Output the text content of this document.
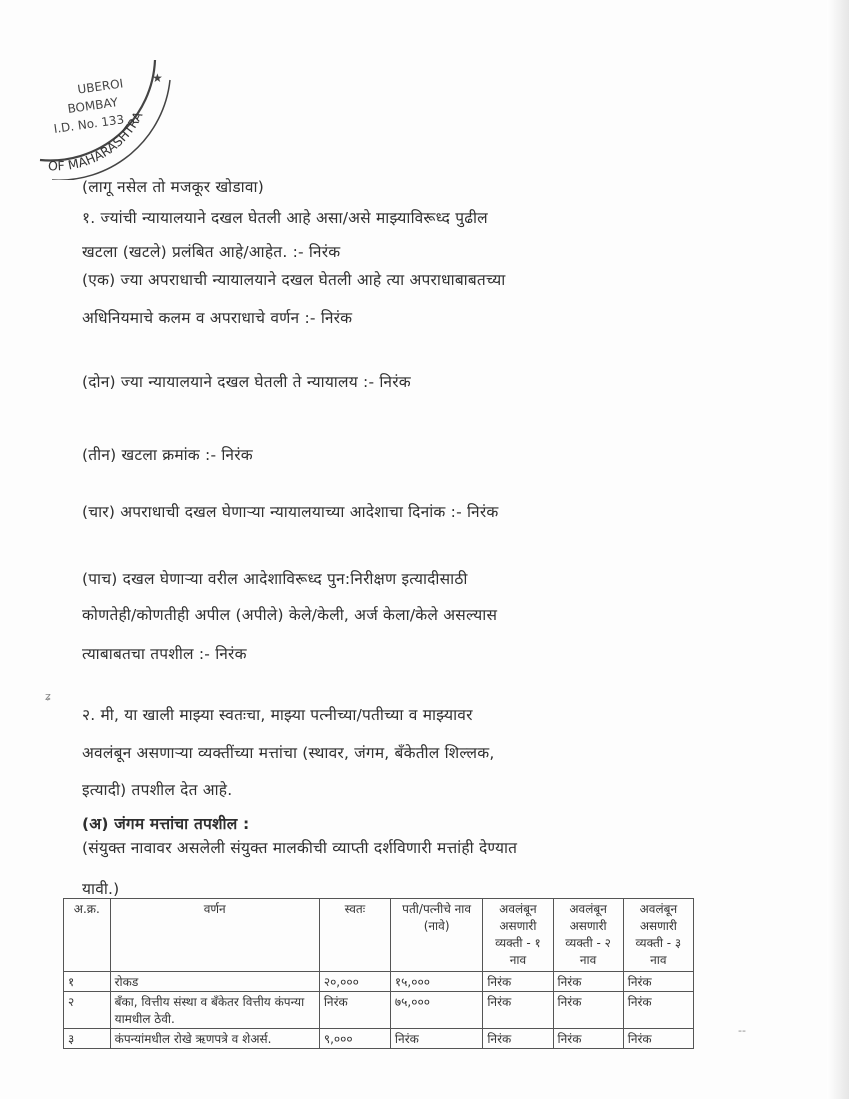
OF MAHARASHTRA
UBEROI
BOMBAY
I.D. No. 133
★
(लागू नसेल तो मजकूर खोडावा)
१. ज्यांची न्यायालयाने दखल घेतली आहे असा/असे माझ्याविरूध्द पुढील
खटला (खटले) प्रलंबित आहे/आहेत. :- निरंक
(एक) ज्या अपराधाची न्यायालयाने दखल घेतली आहे त्या अपराधाबाबतच्या
अधिनियमाचे कलम व अपराधाचे वर्णन :- निरंक
(दोन) ज्या न्यायालयाने दखल घेतली ते न्यायालय :- निरंक
(तीन) खटला क्रमांक :- निरंक
(चार) अपराधाची दखल घेणाऱ्या न्यायालयाच्या आदेशाचा दिनांक :- निरंक
(पाच) दखल घेणाऱ्या वरील आदेशाविरूध्द पुन:निरीक्षण इत्यादीसाठी
कोणतेही/कोणतीही अपील (अपीले) केले/केली, अर्ज केला/केले असल्यास
त्याबाबतचा तपशील :- निरंक
ʑ
२. मी, या खाली माझ्या स्वतःचा, माझ्या पत्नीच्या/पतीच्या व माझ्यावर
अवलंबून असणाऱ्या व्यक्तींच्या मत्तांचा (स्थावर, जंगम, बँकेतील शिल्लक,
इत्यादी) तपशील देत आहे.
(अ) जंगम मत्तांचा तपशील :
(संयुक्त नावावर असलेली संयुक्त मालकीची व्याप्ती दर्शविणारी मत्तांही देण्यात
यावी.)
--
अ.क्र.	वर्णन	स्वतः	पती/पत्नीचे नाव (नावे)	अवलंबून असणारी व्यक्ती - १ नाव	अवलंबून असणारी व्यक्ती - २ नाव	अवलंबून असणारी व्यक्ती - ३ नाव
१	रोकड	२०,०००	१५,०००	निरंक	निरंक	निरंक
२	बँका, वित्तीय संस्था व बँकेतर वित्तीय कंपन्या यामधील ठेवी.	निरंक	७५,०००	निरंक	निरंक	निरंक
३	कंपन्यांमधील रोखे ऋणपत्रे व शेअर्स.	९,०००	निरंक	निरंक	निरंक	निरंक
